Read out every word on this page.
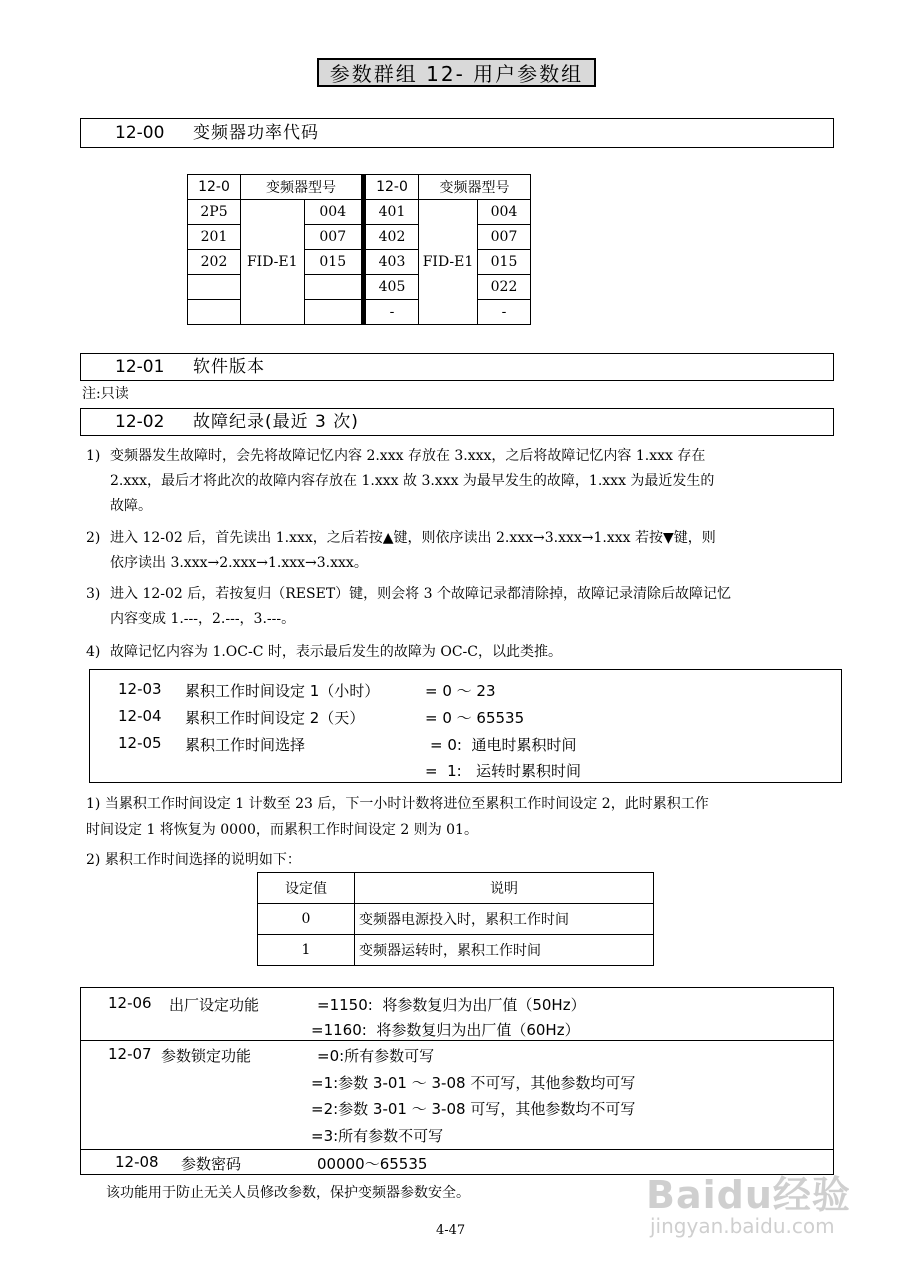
参数群组 12- 用户参数组
12-00 变频器功率代码
12-0	变频器型号		12-0	变频器型号	
2P5	FID-E1	004	401	FID-E1	004
201		007	402		007
202		015	403		015
			405		022
			-		-
12-01 软件版本
注:只读
12-02 故障纪录(最近 3 次)
1) 变频器发生故障时，会先将故障记忆内容 2.xxx 存放在 3.xxx，之后将故障记忆内容 1.xxx 存在
2.xxx，最后才将此次的故障内容存放在 1.xxx 故 3.xxx 为最早发生的故障，1.xxx 为最近发生的
故障。
2) 进入 12-02 后，首先读出 1.xxx，之后若按▲键，则依序读出 2.xxx→3.xxx→1.xxx 若按▼键，则
依序读出 3.xxx→2.xxx→1.xxx→3.xxx。
3) 进入 12-02 后，若按复归（RESET）键，则会将 3 个故障记录都清除掉，故障记录清除后故障记忆
内容变成 1.---，2.---，3.---。
4) 故障记忆内容为 1.OC-C 时，表示最后发生的故障为 OC-C，以此类推。
12-03 累积工作时间设定 1（小时）	= 0 ～ 23
12-04 累积工作时间设定 2（天）	= 0 ～ 65535
12-05 累积工作时间选择	= 0:  通电时累积时间
=  1:   运转时累积时间
1) 当累积工作时间设定 1 计数至 23 后，下一小时计数将进位至累积工作时间设定 2，此时累积工作
时间设定 1 将恢复为 0000，而累积工作时间设定 2 则为 01。
2) 累积工作时间选择的说明如下：
设定值	说明
0	变频器电源投入时，累积工作时间
1	变频器运转时，累积工作时间
12-06 出厂设定功能	=1150:  将参数复归为出厂值（50Hz）
=1160:  将参数复归为出厂值（60Hz）
12-07 参数锁定功能	=0:所有参数可写
=1:参数 3-01 ～ 3-08 不可写，其他参数均可写
=2:参数 3-01 ～ 3-08 可写，其他参数均不可写
=3:所有参数不可写
12-08 参数密码	00000～65535
该功能用于防止无关人员修改参数，保护变频器参数安全。
4-47
Baidu经验
jingyan.baidu.com
